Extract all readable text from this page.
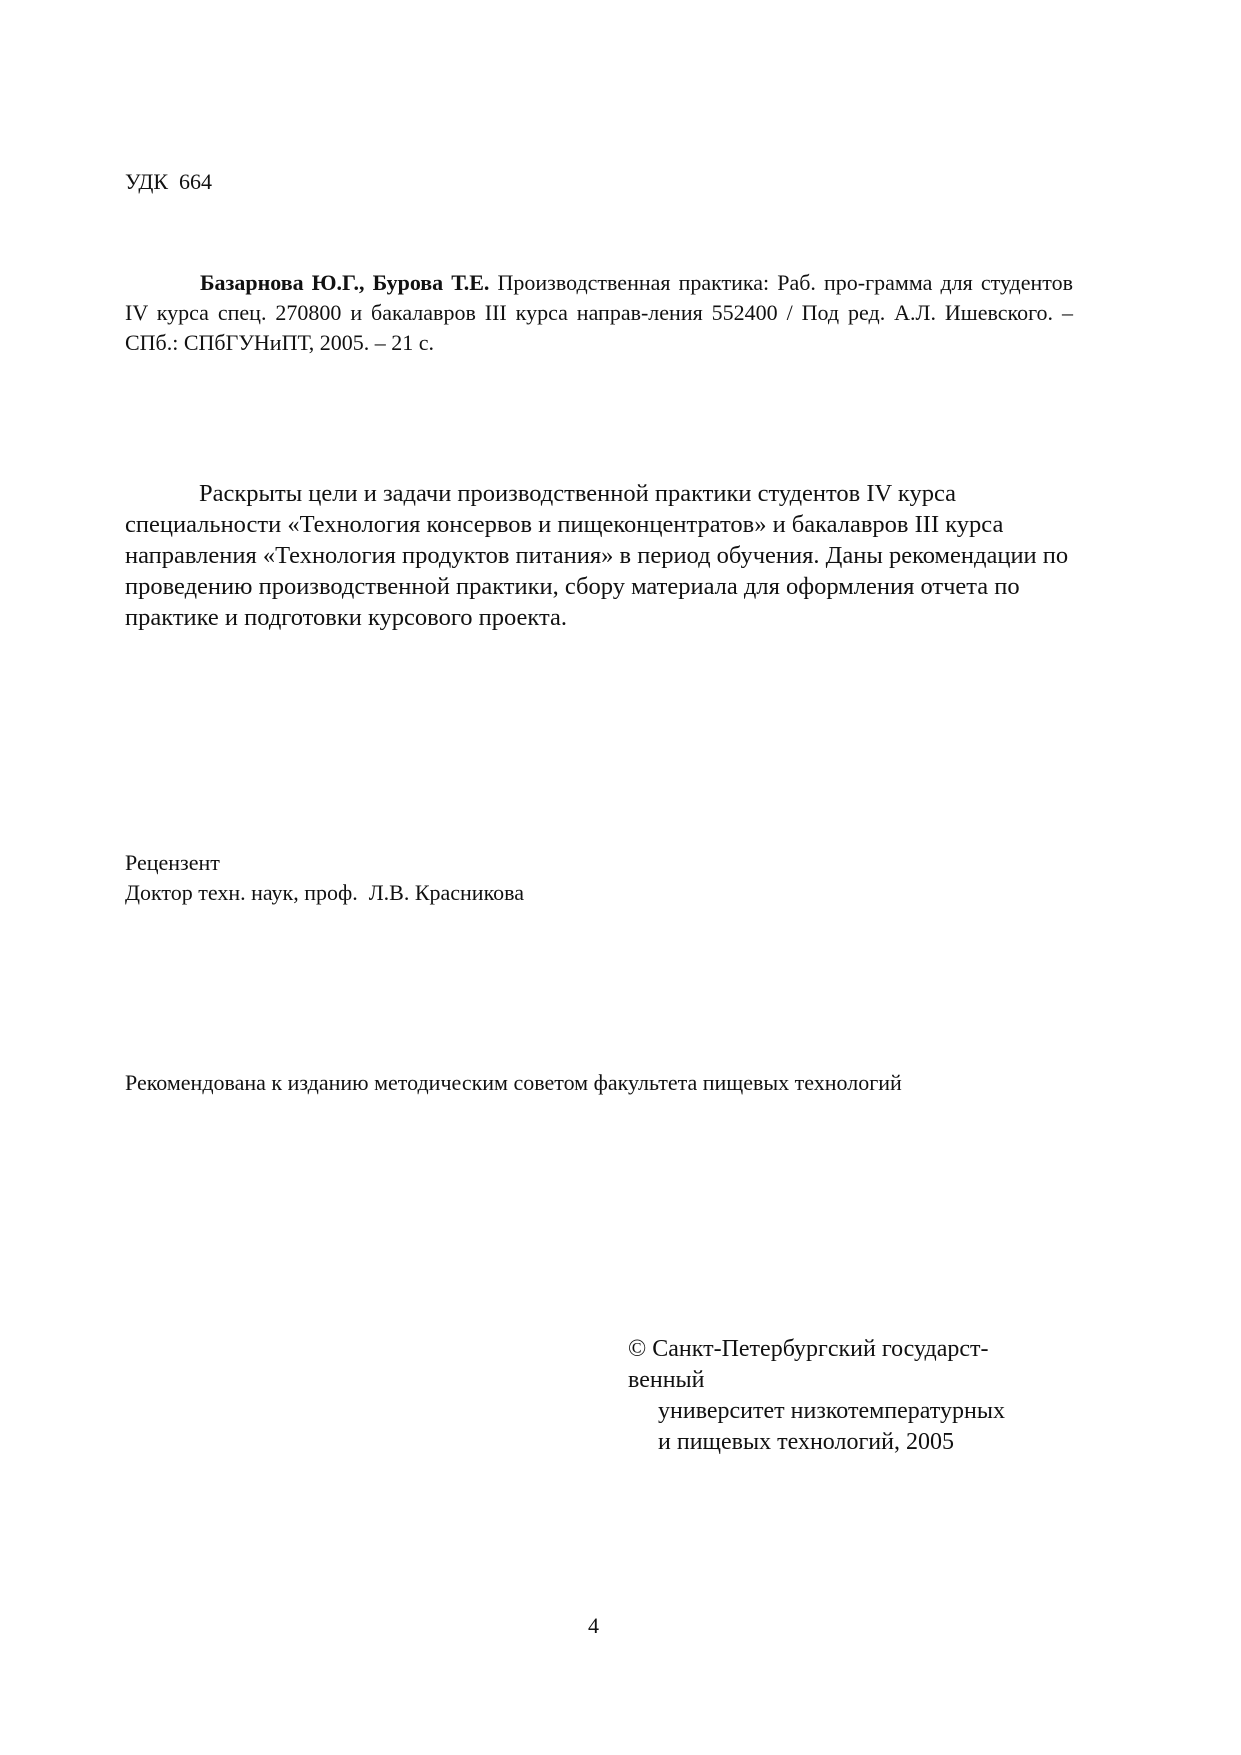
УДК  664
Базарнова Ю.Г., Бурова Т.Е. Производственная практика: Раб. про-грамма для студентов IV курса спец. 270800 и бакалавров III курса направ-ления 552400 / Под ред. А.Л. Ишевского. – СПб.: СПбГУНиПТ, 2005. – 21 с.
Раскрыты цели и задачи производственной практики студентов IV курса специальности «Технология консервов и пищеконцентратов» и бакалавров III курса направления «Технология продуктов питания» в период обучения. Даны рекомендации по проведению производственной практики, сбору материала для оформления отчета по практике и подготовки курсового проекта.
Рецензент
Доктор техн. наук, проф.  Л.В. Красникова
Рекомендована к изданию методическим советом факультета пищевых технологий
© Санкт-Петербургский государст-
венный
университет низкотемпературных
и пищевых технологий, 2005
4
